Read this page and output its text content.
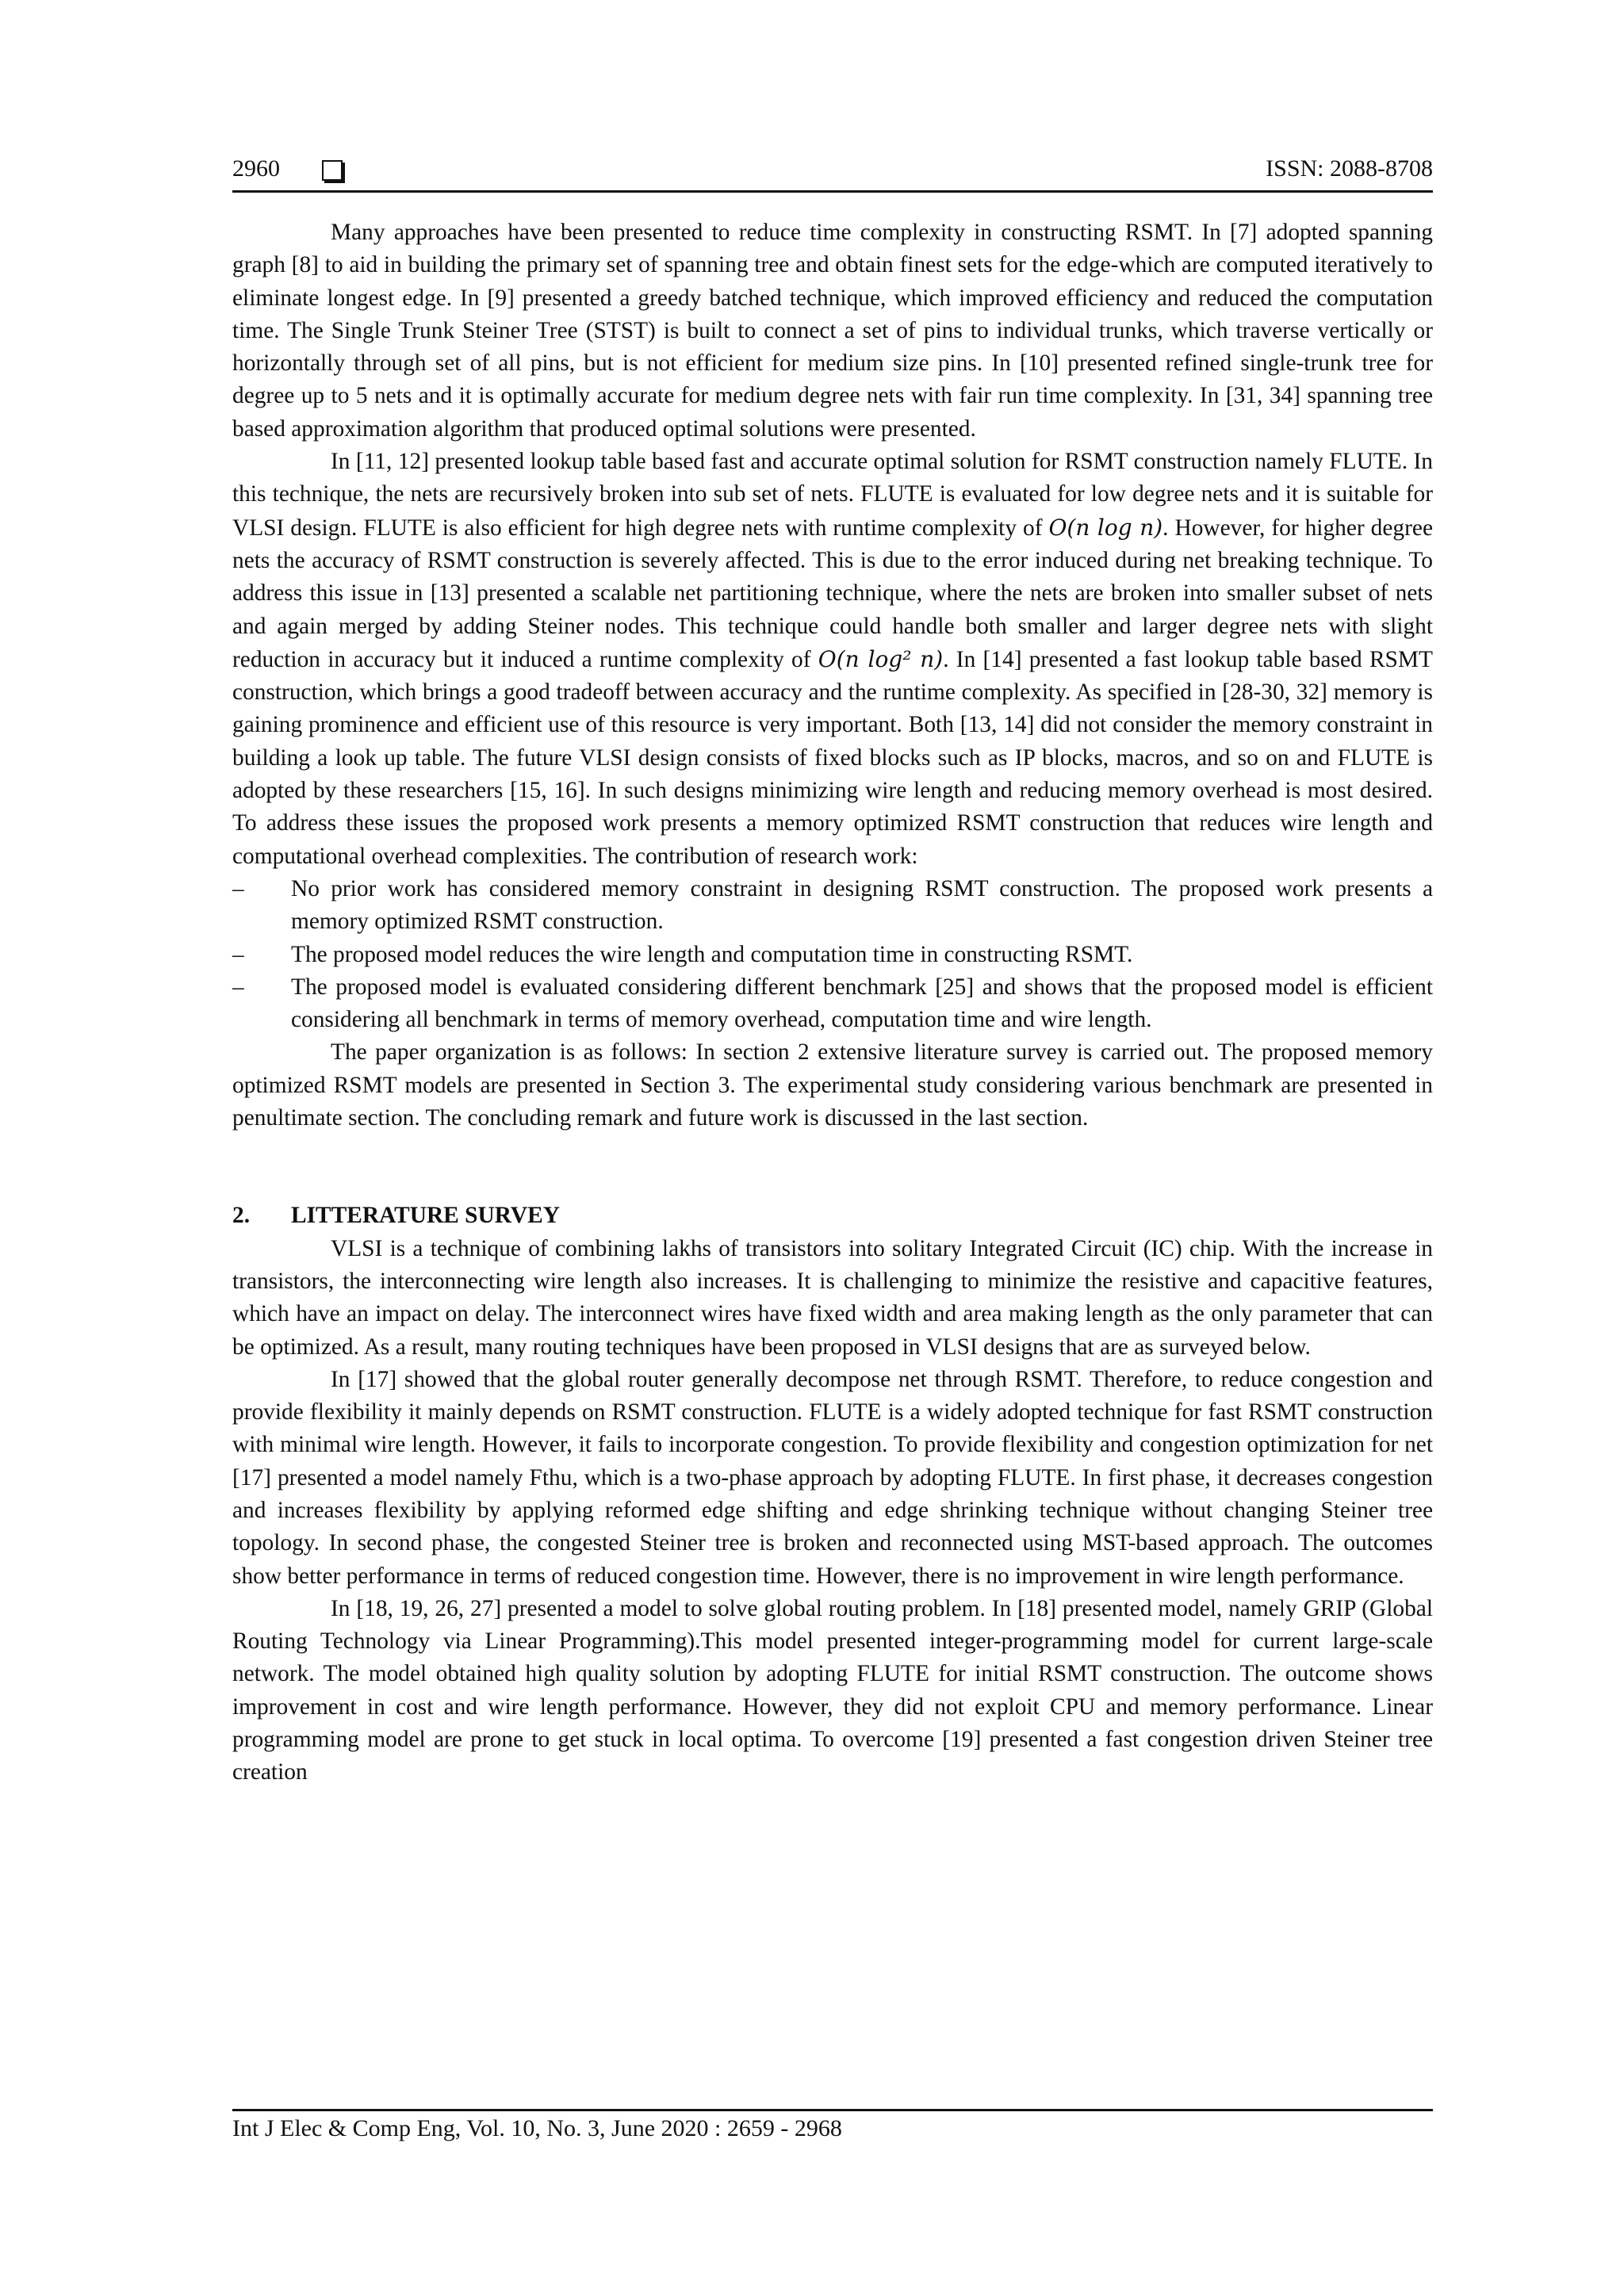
2960	ISSN: 2088-8708

Many approaches have been presented to reduce time complexity in constructing RSMT. In [7] adopted spanning graph [8] to aid in building the primary set of spanning tree and obtain finest sets for the edge-which are computed iteratively to eliminate longest edge. In [9] presented a greedy batched technique, which improved efficiency and reduced the computation time. The Single Trunk Steiner Tree (STST) is built to connect a set of pins to individual trunks, which traverse vertically or horizontally through set of all pins, but is not efficient for medium size pins. In [10] presented refined single-trunk tree for degree up to 5 nets and it is optimally accurate for medium degree nets with fair run time complexity. In [31, 34] spanning tree based approximation algorithm that produced optimal solutions were presented.

In [11, 12] presented lookup table based fast and accurate optimal solution for RSMT construction namely FLUTE. In this technique, the nets are recursively broken into sub set of nets. FLUTE is evaluated for low degree nets and it is suitable for VLSI design. FLUTE is also efficient for high degree nets with runtime complexity of O(n log n). However, for higher degree nets the accuracy of RSMT construction is severely affected. This is due to the error induced during net breaking technique. To address this issue in [13] presented a scalable net partitioning technique, where the nets are broken into smaller subset of nets and again merged by adding Steiner nodes. This technique could handle both smaller and larger degree nets with slight reduction in accuracy but it induced a runtime complexity of O(n log² n). In [14] presented a fast lookup table based RSMT construction, which brings a good tradeoff between accuracy and the runtime complexity. As specified in [28-30, 32] memory is gaining prominence and efficient use of this resource is very important. Both [13, 14] did not consider the memory constraint in building a look up table. The future VLSI design consists of fixed blocks such as IP blocks, macros, and so on and FLUTE is adopted by these researchers [15, 16]. In such designs minimizing wire length and reducing memory overhead is most desired. To address these issues the proposed work presents a memory optimized RSMT construction that reduces wire length and computational overhead complexities. The contribution of research work:

– No prior work has considered memory constraint in designing RSMT construction. The proposed work presents a memory optimized RSMT construction.
– The proposed model reduces the wire length and computation time in constructing RSMT.
– The proposed model is evaluated considering different benchmark [25] and shows that the proposed model is efficient considering all benchmark in terms of memory overhead, computation time and wire length.

The paper organization is as follows: In section 2 extensive literature survey is carried out. The proposed memory optimized RSMT models are presented in Section 3. The experimental study considering various benchmark are presented in penultimate section. The concluding remark and future work is discussed in the last section.

2. LITTERATURE SURVEY

VLSI is a technique of combining lakhs of transistors into solitary Integrated Circuit (IC) chip. With the increase in transistors, the interconnecting wire length also increases. It is challenging to minimize the resistive and capacitive features, which have an impact on delay. The interconnect wires have fixed width and area making length as the only parameter that can be optimized. As a result, many routing techniques have been proposed in VLSI designs that are as surveyed below.

In [17] showed that the global router generally decompose net through RSMT. Therefore, to reduce congestion and provide flexibility it mainly depends on RSMT construction. FLUTE is a widely adopted technique for fast RSMT construction with minimal wire length. However, it fails to incorporate congestion. To provide flexibility and congestion optimization for net [17] presented a model namely Fthu, which is a two-phase approach by adopting FLUTE. In first phase, it decreases congestion and increases flexibility by applying reformed edge shifting and edge shrinking technique without changing Steiner tree topology. In second phase, the congested Steiner tree is broken and reconnected using MST-based approach. The outcomes show better performance in terms of reduced congestion time. However, there is no improvement in wire length performance.

In [18, 19, 26, 27] presented a model to solve global routing problem. In [18] presented model, namely GRIP (Global Routing Technology via Linear Programming).This model presented integer-programming model for current large-scale network. The model obtained high quality solution by adopting FLUTE for initial RSMT construction. The outcome shows improvement in cost and wire length performance. However, they did not exploit CPU and memory performance. Linear programming model are prone to get stuck in local optima. To overcome [19] presented a fast congestion driven Steiner tree creation

Int J Elec & Comp Eng, Vol. 10, No. 3, June 2020 : 2659 - 2968
